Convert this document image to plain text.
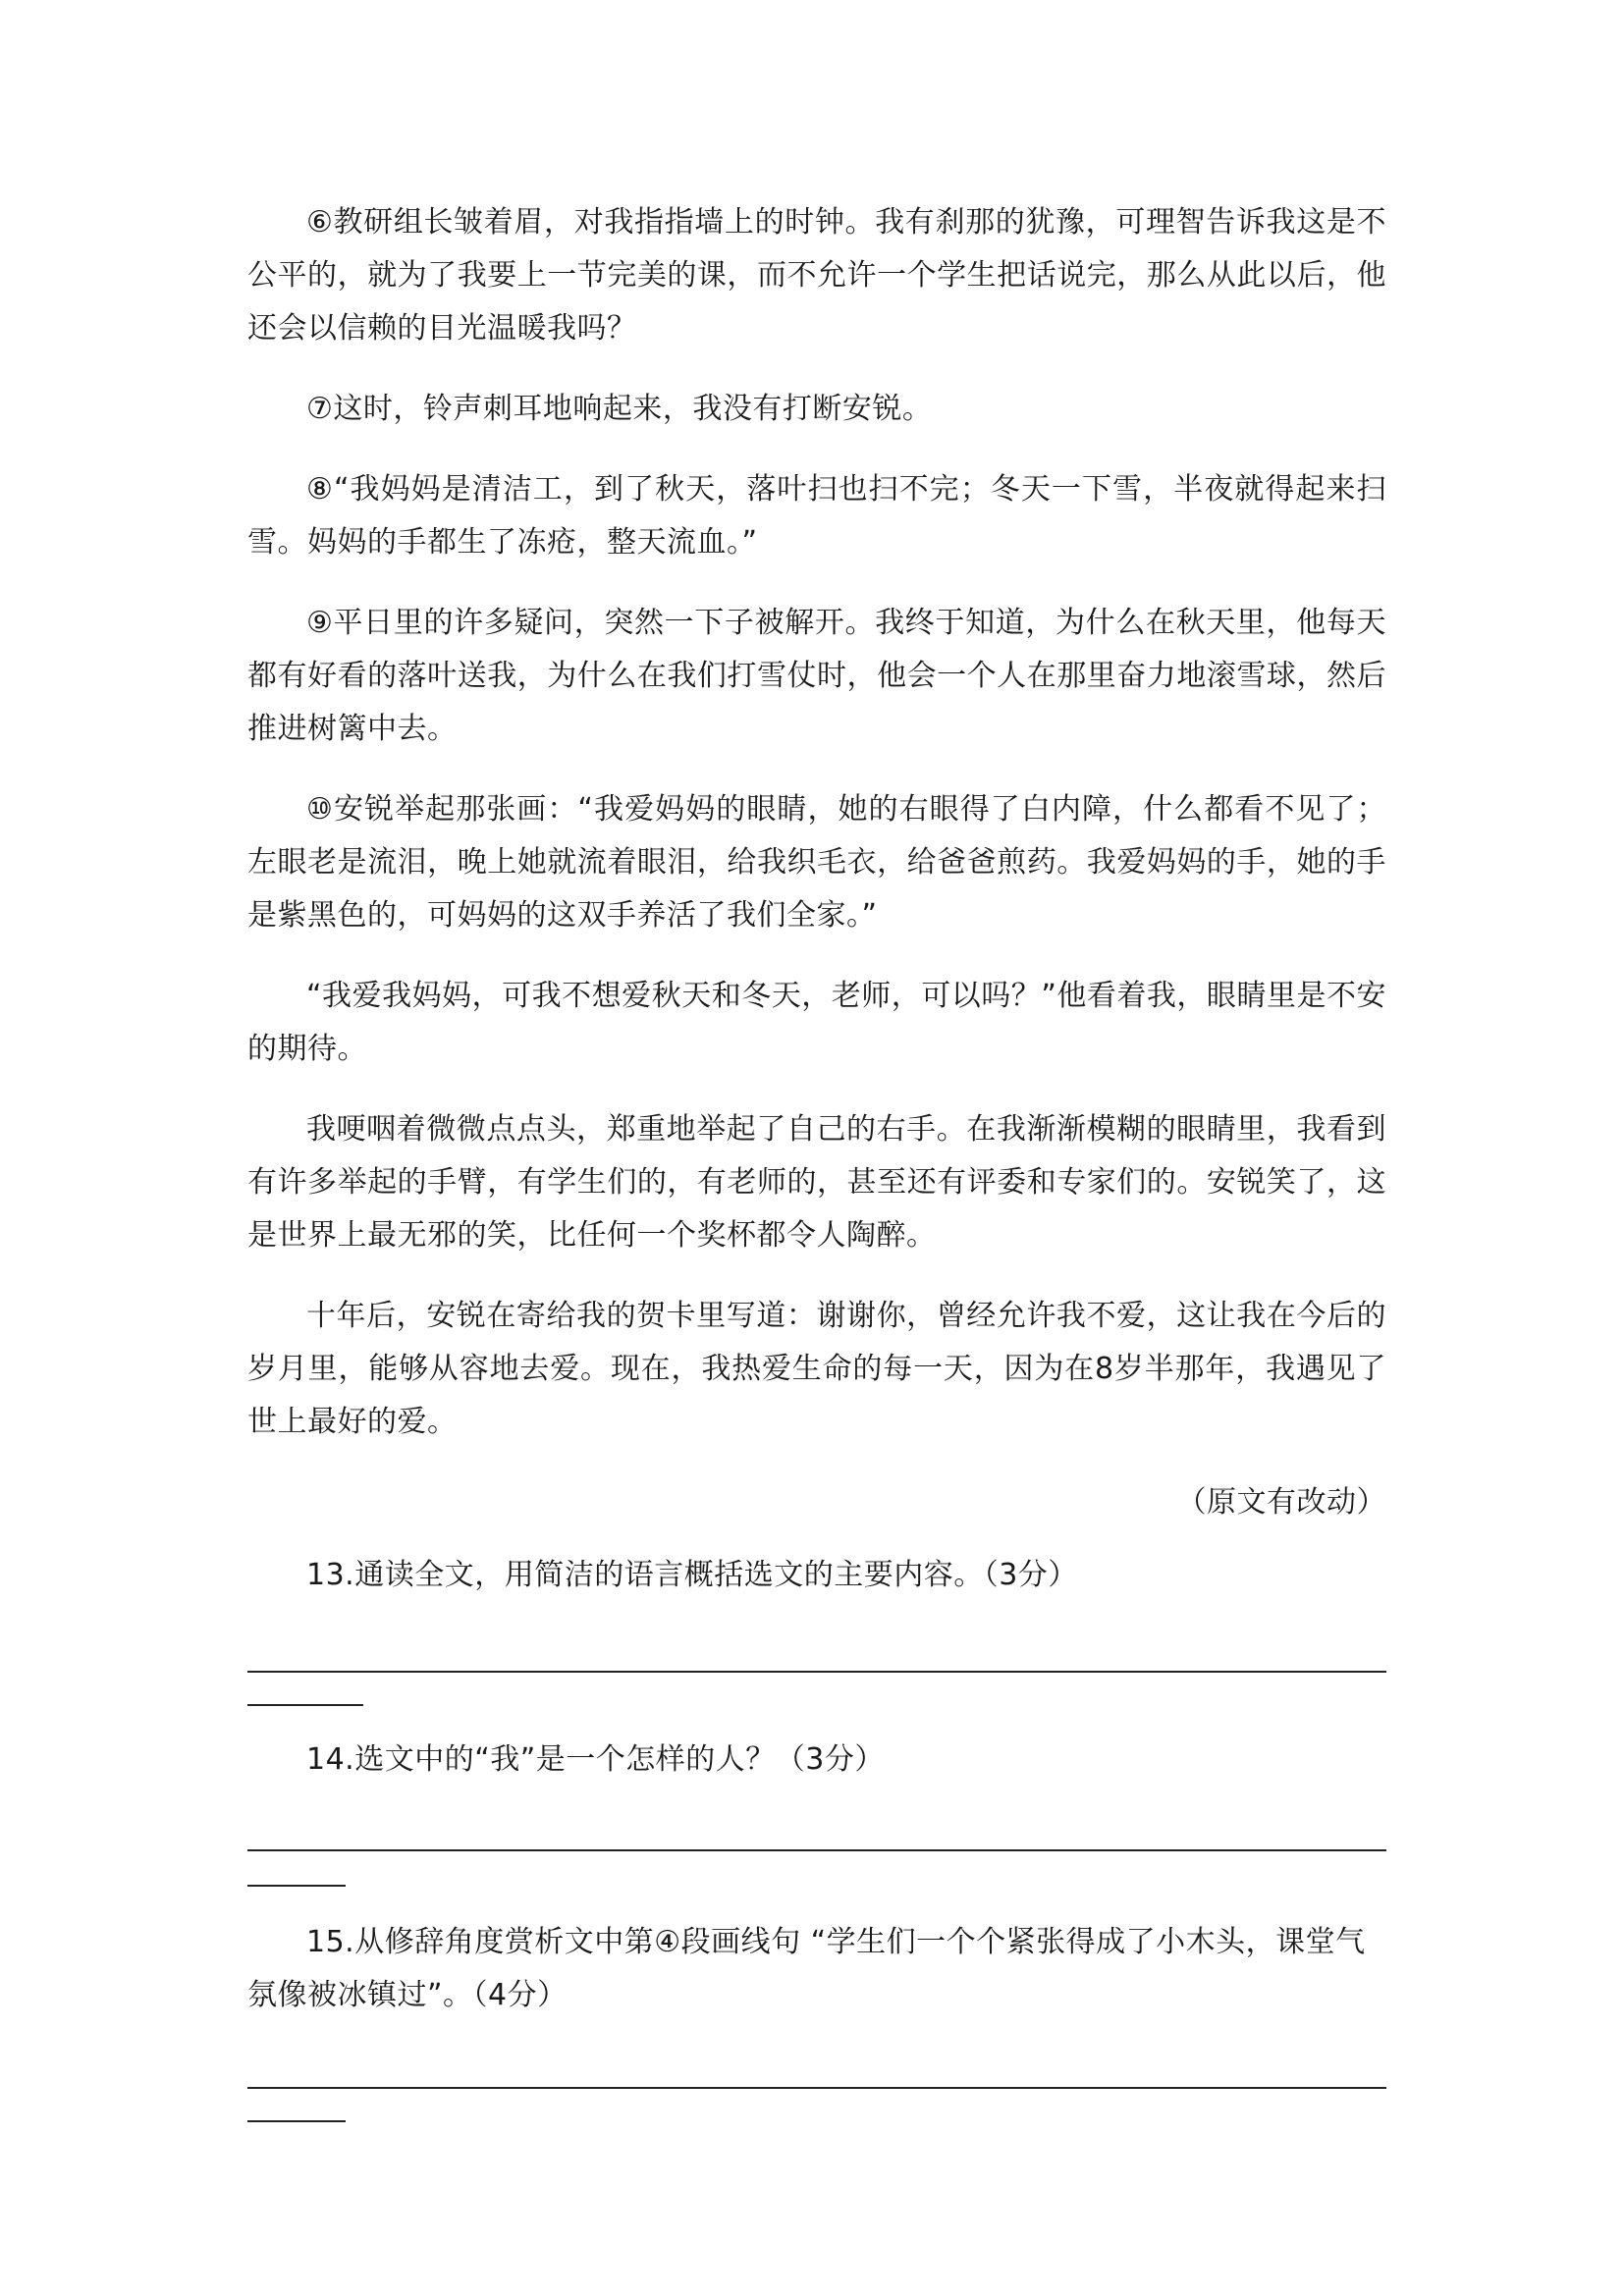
⑥教研组长皱着眉，对我指指墙上的时钟。我有刹那的犹豫，可理智告诉我这是不公平的，就为了我要上一节完美的课，而不允许一个学生把话说完，那么从此以后，他还会以信赖的目光温暖我吗？

⑦这时，铃声刺耳地响起来，我没有打断安锐。

⑧“我妈妈是清洁工，到了秋天，落叶扫也扫不完；冬天一下雪，半夜就得起来扫雪。妈妈的手都生了冻疮，整天流血。”

⑨平日里的许多疑问，突然一下子被解开。我终于知道，为什么在秋天里，他每天都有好看的落叶送我，为什么在我们打雪仗时，他会一个人在那里奋力地滚雪球，然后推进树篱中去。

⑩安锐举起那张画：“我爱妈妈的眼睛，她的右眼得了白内障，什么都看不见了；左眼老是流泪，晚上她就流着眼泪，给我织毛衣，给爸爸煎药。我爱妈妈的手，她的手是紫黑色的，可妈妈的这双手养活了我们全家。”

“我爱我妈妈，可我不想爱秋天和冬天，老师，可以吗？”他看着我，眼睛里是不安的期待。

我哽咽着微微点点头，郑重地举起了自己的右手。在我渐渐模糊的眼睛里，我看到有许多举起的手臂，有学生们的，有老师的，甚至还有评委和专家们的。安锐笑了，这是世界上最无邪的笑，比任何一个奖杯都令人陶醉。

十年后，安锐在寄给我的贺卡里写道：谢谢你，曾经允许我不爱，这让我在今后的岁月里，能够从容地去爱。现在，我热爱生命的每一天，因为在8岁半那年，我遇见了世上最好的爱。

（原文有改动）

13.通读全文，用简洁的语言概括选文的主要内容。（3分）

14.选文中的“我”是一个怎样的人？（3分）

15.从修辞角度赏析文中第④段画线句 “学生们一个个紧张得成了小木头，课堂气氛像被冰镇过”。（4分）
